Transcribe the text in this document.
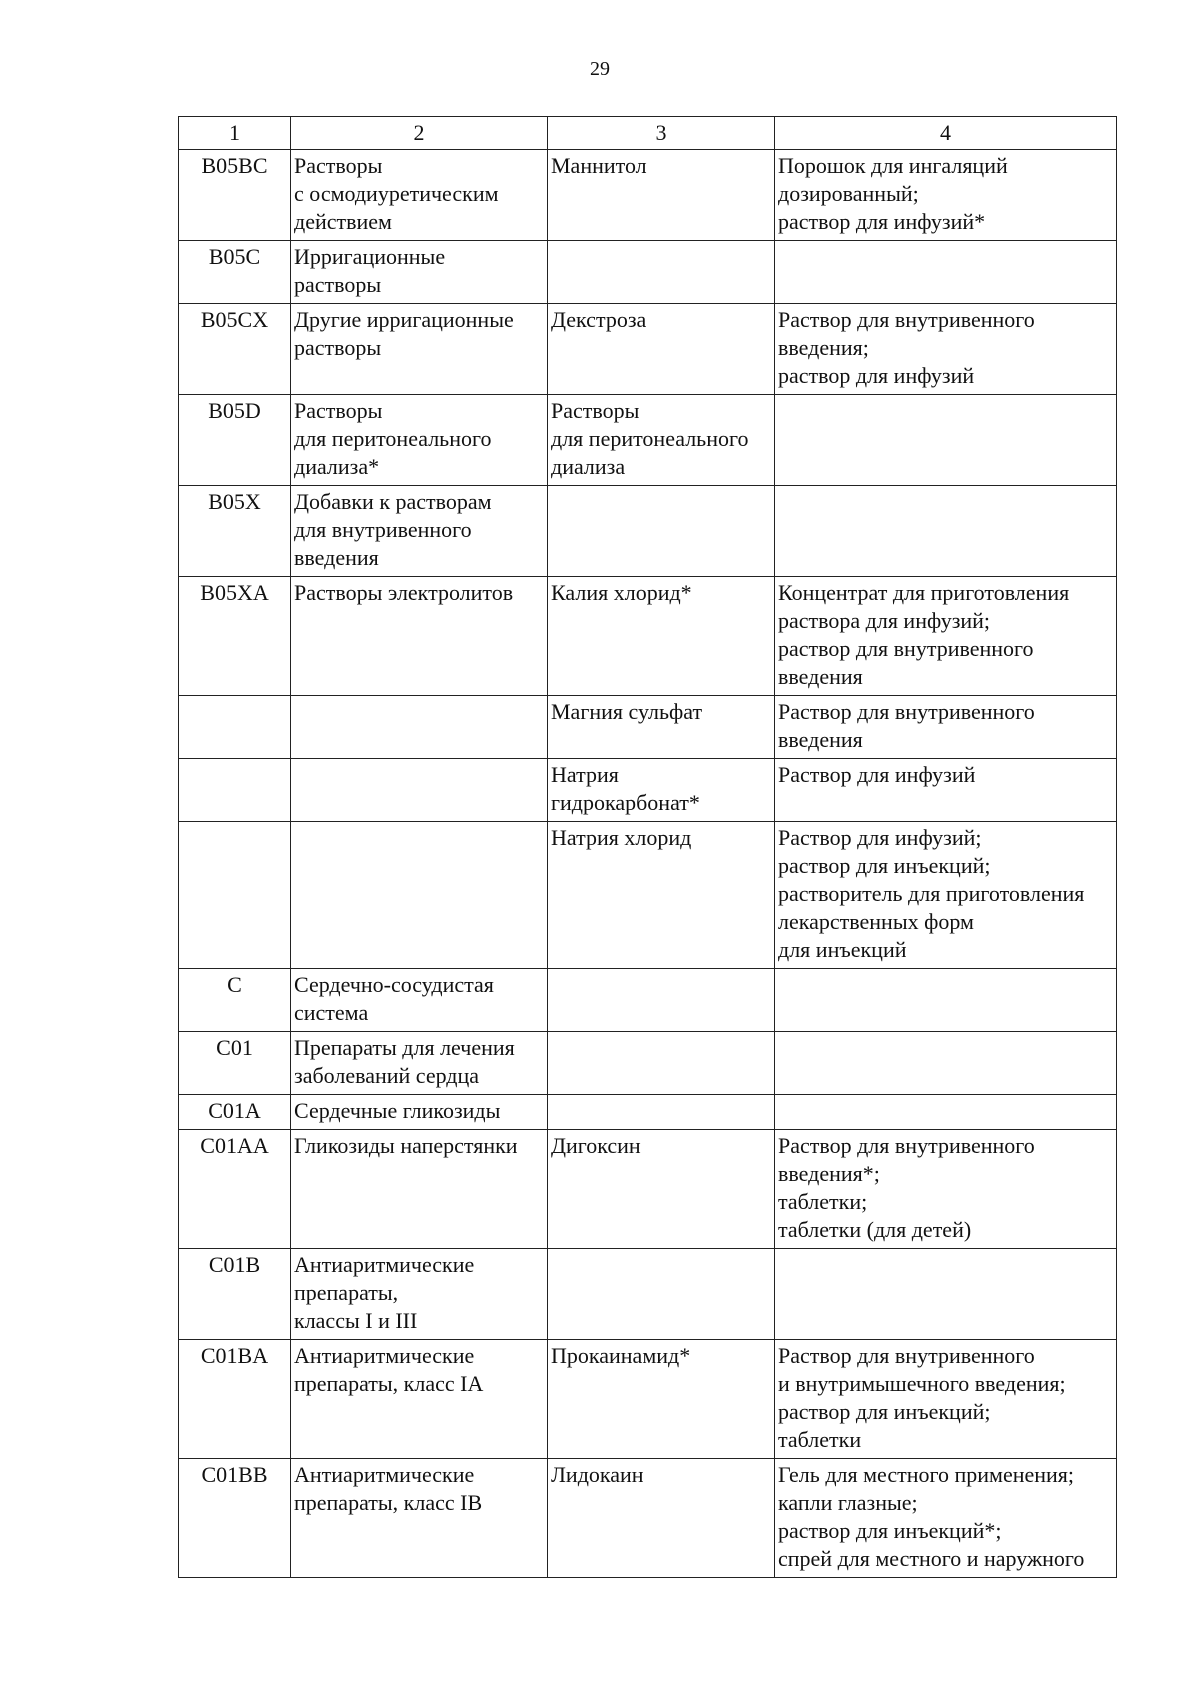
29
1	2	3	4
B05BC	Растворы
с осмодиуретическим
действием	Маннитол	Порошок для ингаляций
дозированный;
раствор для инфузий*
B05C	Ирригационные
растворы		
B05CX	Другие ирригационные
растворы	Декстроза	Раствор для внутривенного
введения;
раствор для инфузий
B05D	Растворы
для перитонеального
диализа*	Растворы
для перитонеального
диализа	
B05X	Добавки к растворам
для внутривенного
введения		
B05XA	Растворы электролитов	Калия хлорид*	Концентрат для приготовления
раствора для инфузий;
раствор для внутривенного
введения
		Магния сульфат	Раствор для внутривенного
введения
		Натрия
гидрокарбонат*	Раствор для инфузий
		Натрия хлорид	Раствор для инфузий;
раствор для инъекций;
растворитель для приготовления
лекарственных форм
для инъекций
C	Сердечно-сосудистая
система		
C01	Препараты для лечения
заболеваний сердца		
C01A	Сердечные гликозиды		
C01AA	Гликозиды наперстянки	Дигоксин	Раствор для внутривенного
введения*;
таблетки;
таблетки (для детей)
C01B	Антиаритмические
препараты,
классы I и III		
C01BA	Антиаритмические
препараты, класс IA	Прокаинамид*	Раствор для внутривенного
и внутримышечного введения;
раствор для инъекций;
таблетки
C01BB	Антиаритмические
препараты, класс IB	Лидокаин	Гель для местного применения;
капли глазные;
раствор для инъекций*;
спрей для местного и наружного
